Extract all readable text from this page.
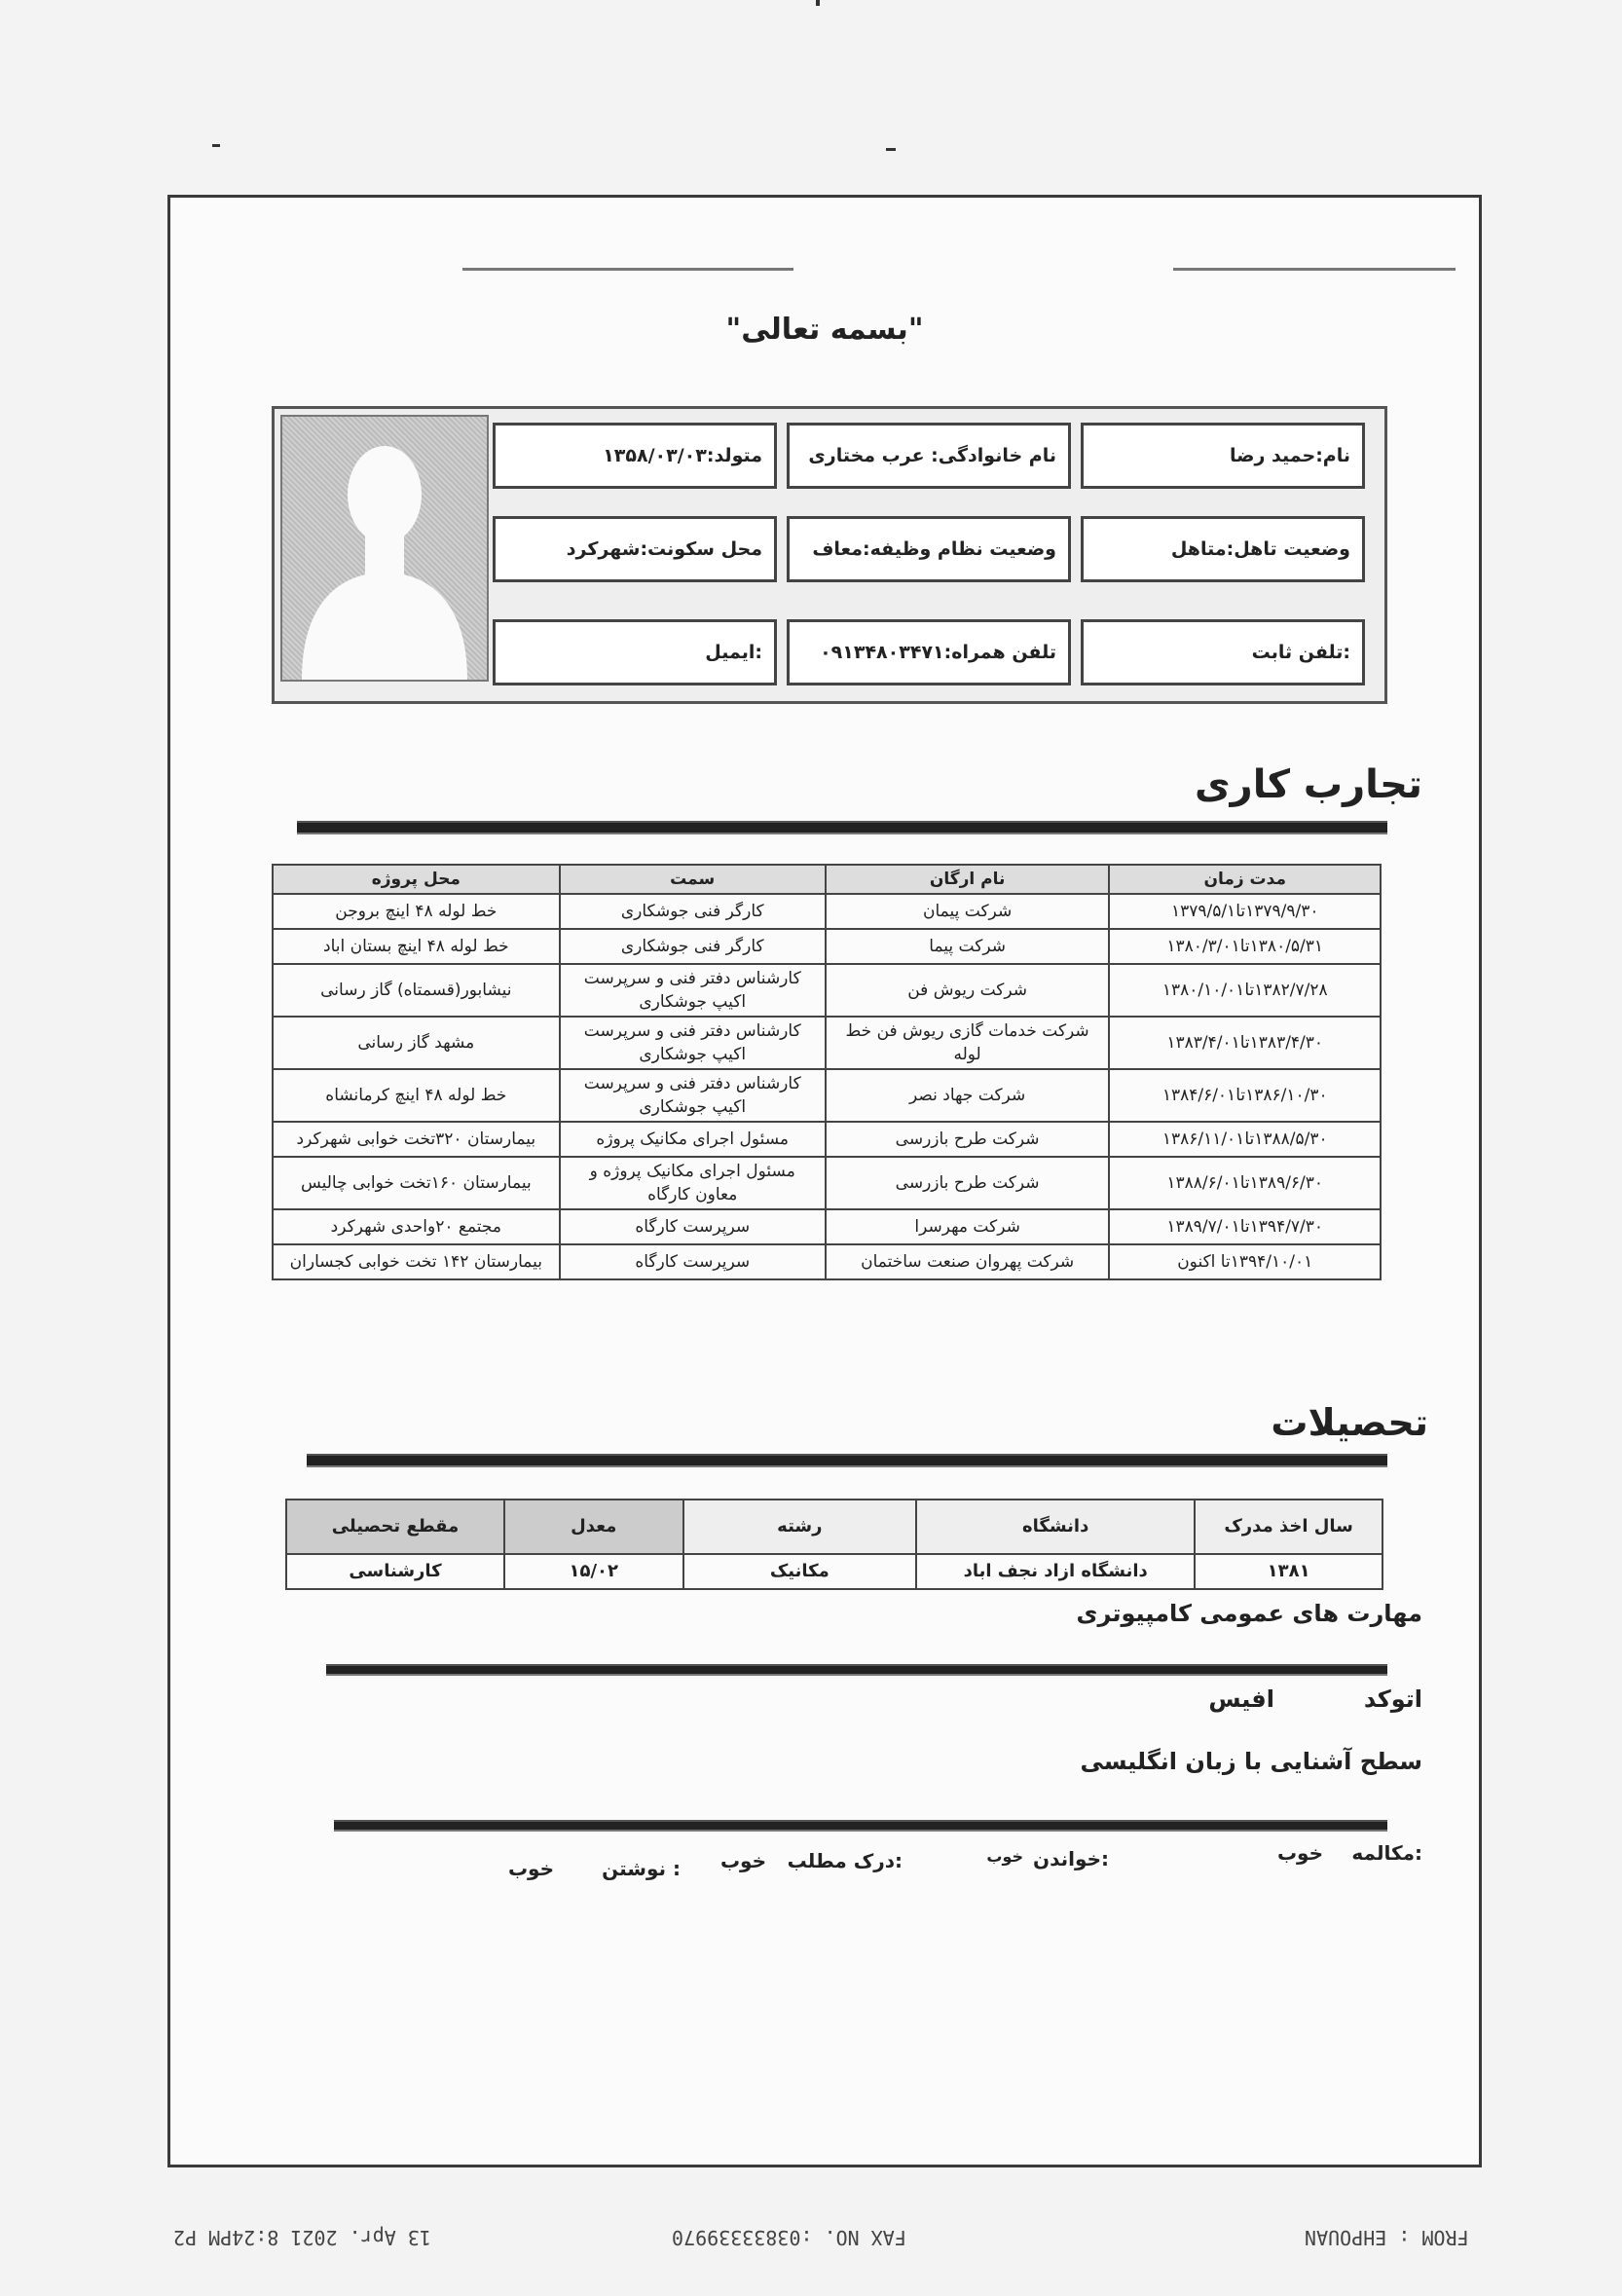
"بسمه تعالی"
نام:حمید رضا
نام خانوادگی: عرب مختاری
متولد:۱۳۵۸/۰۳/۰۳
وضعیت تاهل:متاهل
وضعیت نظام وظیفه:معاف
محل سکونت:شهرکرد
تلفن ثابت:
تلفن همراه:۰۹۱۳۴۸۰۳۴۷۱
ایمیل:
تجارب کاری
مدت زمان	نام ارگان	سمت	محل پروژه
۱۳۷۹/۹/۳۰تا۱۳۷۹/۵/۱	شرکت پیمان	کارگر فنی جوشکاری	خط لوله ۴۸ اینچ بروجن
۱۳۸۰/۵/۳۱تا۱۳۸۰/۳/۰۱	شرکت پیما	کارگر فنی جوشکاری	خط لوله ۴۸ اینچ بستان اباد
۱۳۸۲/۷/۲۸تا۱۳۸۰/۱۰/۰۱	شرکت ریوش فن	کارشناس دفتر فنی و سرپرست اکیپ جوشکاری	نیشابور(قسمتاه) گاز رسانی
۱۳۸۳/۴/۳۰تا۱۳۸۳/۴/۰۱	شرکت خدمات گازی ریوش فن خط لوله	کارشناس دفتر فنی و سرپرست اکیپ جوشکاری	مشهد گاز رسانی
۱۳۸۶/۱۰/۳۰تا۱۳۸۴/۶/۰۱	شرکت جهاد نصر	کارشناس دفتر فنی و سرپرست اکیپ جوشکاری	خط لوله ۴۸ اینچ کرمانشاه
۱۳۸۸/۵/۳۰تا۱۳۸۶/۱۱/۰۱	شرکت طرح بازرسی	مسئول اجرای مکانیک پروژه	بیمارستان ۳۲۰تخت خوابی شهرکرد
۱۳۸۹/۶/۳۰تا۱۳۸۸/۶/۰۱	شرکت طرح بازرسی	مسئول اجرای مکانیک پروژه و معاون کارگاه	بیمارستان ۱۶۰تخت خوابی چالیس
۱۳۹۴/۷/۳۰تا۱۳۸۹/۷/۰۱	شرکت مهرسرا	سرپرست کارگاه	مجتمع ۲۰واحدی شهرکرد
۱۳۹۴/۱۰/۰۱تا اکنون	شرکت پهروان صنعت ساختمان	سرپرست کارگاه	بیمارستان ۱۴۲ تخت خوابی کجساران
تحصیلات
سال اخذ مدرک	دانشگاه	رشته	معدل	مقطع تحصیلی
۱۳۸۱	دانشگاه ازاد نجف اباد	مکانیک	۱۵/۰۲	کارشناسی
مهارت های عمومی کامپیوتری
اتوکد
افیس
سطح آشنایی با زبان انگلیسی
مکالمه:
خوب
خواندن:
خوب
درک مطلب:
خوب
نوشتن :
خوب
13 Apr. 2021 8:24PM P2	FAX NO. :03833339970	FROM : EHPOUAN
